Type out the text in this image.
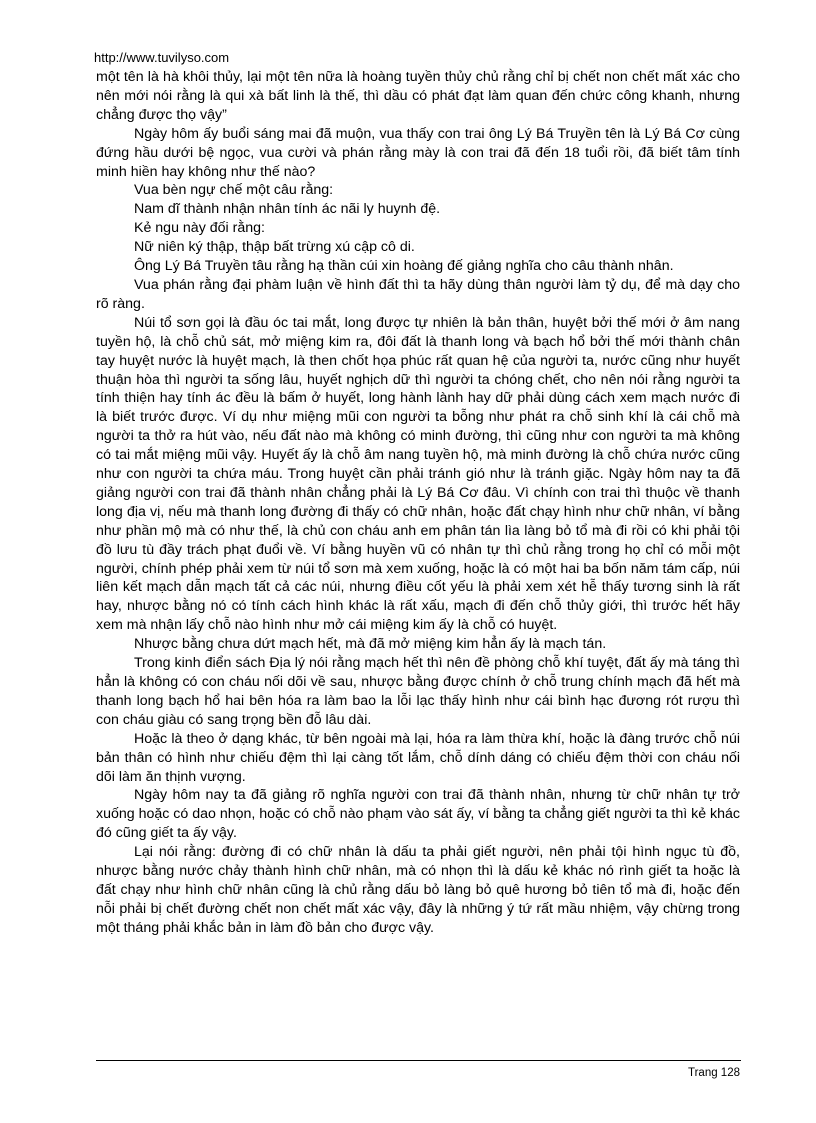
http://www.tuvilyso.com

một tên là hà khôi thủy, lại một tên nữa là hoàng tuyền thủy chủ rằng chỉ bị chết non chết mất xác cho nên mới nói rằng là qui xà bất linh là thế, thì dầu có phát đạt làm quan đến chức công khanh, nhưng chẳng được thọ vậy”

Ngày hôm ấy buổi sáng mai đã muộn, vua thấy con trai ông Lý Bá Truyền tên là Lý Bá Cơ cùng đứng hầu dưới bệ ngọc, vua cười và phán rằng mày là con trai đã đến 18 tuổi rồi, đã biết tâm tính minh hiền hay không như thế nào?

Vua bèn ngự chế một câu rằng:

Nam dĩ thành nhận nhân tính ác nãi ly huynh đệ.

Kẻ ngu này đối rằng:

Nữ niên ký thập, thập bất trừng xú cập cô di.

Ông Lý Bá Truyền tâu rằng hạ thần cúi xin hoàng đế giảng nghĩa cho câu thành nhân.

Vua phán rằng đại phàm luận về hình đất thì ta hãy dùng thân người làm tỷ dụ, để mà dạy cho rõ ràng.

Núi tổ sơn gọi là đầu óc tai mắt, long được tự nhiên là bản thân, huyệt bởi thế mới ở âm nang tuyền hộ, là chỗ chủ sát, mở miệng kim ra, đôi đất là thanh long và bạch hổ bởi thế mới thành chân tay huyệt nước là huyệt mạch, là then chốt họa phúc rất quan hệ của người ta, nước cũng như huyết thuận hòa thì người ta sống lâu, huyết nghịch dữ thì người ta chóng chết, cho nên nói rằng người ta tính thiện hay tính ác đều là bấm ở huyết, long hành lành hay dữ phải dùng cách xem mạch nước đi là biết trước được. Ví dụ như miệng mũi con người ta bỗng như phát ra chỗ sinh khí là cái chỗ mà người ta thở ra hút vào, nếu đất nào mà không có minh đường, thì cũng như con người ta mà không có tai mắt miệng mũi vậy. Huyết ấy là chỗ âm nang tuyền hộ, mà minh đường là chỗ chứa nước cũng như con người ta chứa máu. Trong huyệt cần phải tránh gió như là tránh giặc. Ngày hôm nay ta đã giảng người con trai đã thành nhân chẳng phải là Lý Bá Cơ đâu. Vì chính con trai thì thuộc về thanh long địa vị, nếu mà thanh long đường đi thấy có chữ nhân, hoặc đất chạy hình như chữ nhân, ví bằng như phần mộ mà có như thế, là chủ con cháu anh em phân tán lìa làng bỏ tổ mà đi rồi có khi phải tội đồ lưu tù đầy trách phạt đuổi về. Ví bằng huyền vũ có nhân tự thì chủ rằng trong họ chỉ có mỗi một người, chính phép phải xem từ núi tổ sơn mà xem xuống, hoặc là có một hai ba bốn năm tám cấp, núi liên kết mạch dẫn mạch tất cả các núi, nhưng điều cốt yếu là phải xem xét hễ thấy tương sinh là rất hay, nhược bằng nó có tính cách hình khác là rất xấu, mạch đi đến chỗ thủy giới, thì trước hết hãy xem mà nhận lấy chỗ nào hình như mở cái miệng kim ấy là chỗ có huyệt.

Nhược bằng chưa dứt mạch hết, mà đã mở miệng kim hẳn ấy là mạch tán.

Trong kinh điển sách Địa lý nói rằng mạch hết thì nên đề phòng chỗ khí tuyệt, đất ấy mà táng thì hẳn là không có con cháu nối dõi về sau, nhược bằng được chính ở chỗ trung chính mạch đã hết mà thanh long bạch hổ hai bên hóa ra làm bao la lỗi lạc thấy hình như cái bình hạc đương rót rượu thì con cháu giàu có sang trọng bền đỗ lâu dài.

Hoặc là theo ở dạng khác, từ bên ngoài mà lại, hóa ra làm thừa khí, hoặc là đàng trước chỗ núi bản thân có hình như chiếu đệm thì lại càng tốt lắm, chỗ dính dáng có chiếu đệm thời con cháu nối dõi làm ăn thịnh vượng.

Ngày hôm nay ta đã giảng rõ nghĩa người con trai đã thành nhân, nhưng từ chữ nhân tự trở xuống hoặc có dao nhọn, hoặc có chỗ nào phạm vào sát ấy, ví bằng ta chẳng giết người ta thì kẻ khác đó cũng giết ta ấy vậy.

Lại nói rằng: đường đi có chữ nhân là dấu ta phải giết người, nên phải tội hình ngục tù đồ, nhược bằng nước chảy thành hình chữ nhân, mà có nhọn thì là dấu kẻ khác nó rình giết ta hoặc là đất chạy như hình chữ nhân cũng là chủ rằng dấu bỏ làng bỏ quê hương bỏ tiên tổ mà đi, hoặc đến nỗi phải bị chết đường chết non chết mất xác vậy, đây là những ý tứ rất mầu nhiệm, vậy chừng trong một tháng phải khắc bản in làm đồ bản cho được vậy.

Trang 128
